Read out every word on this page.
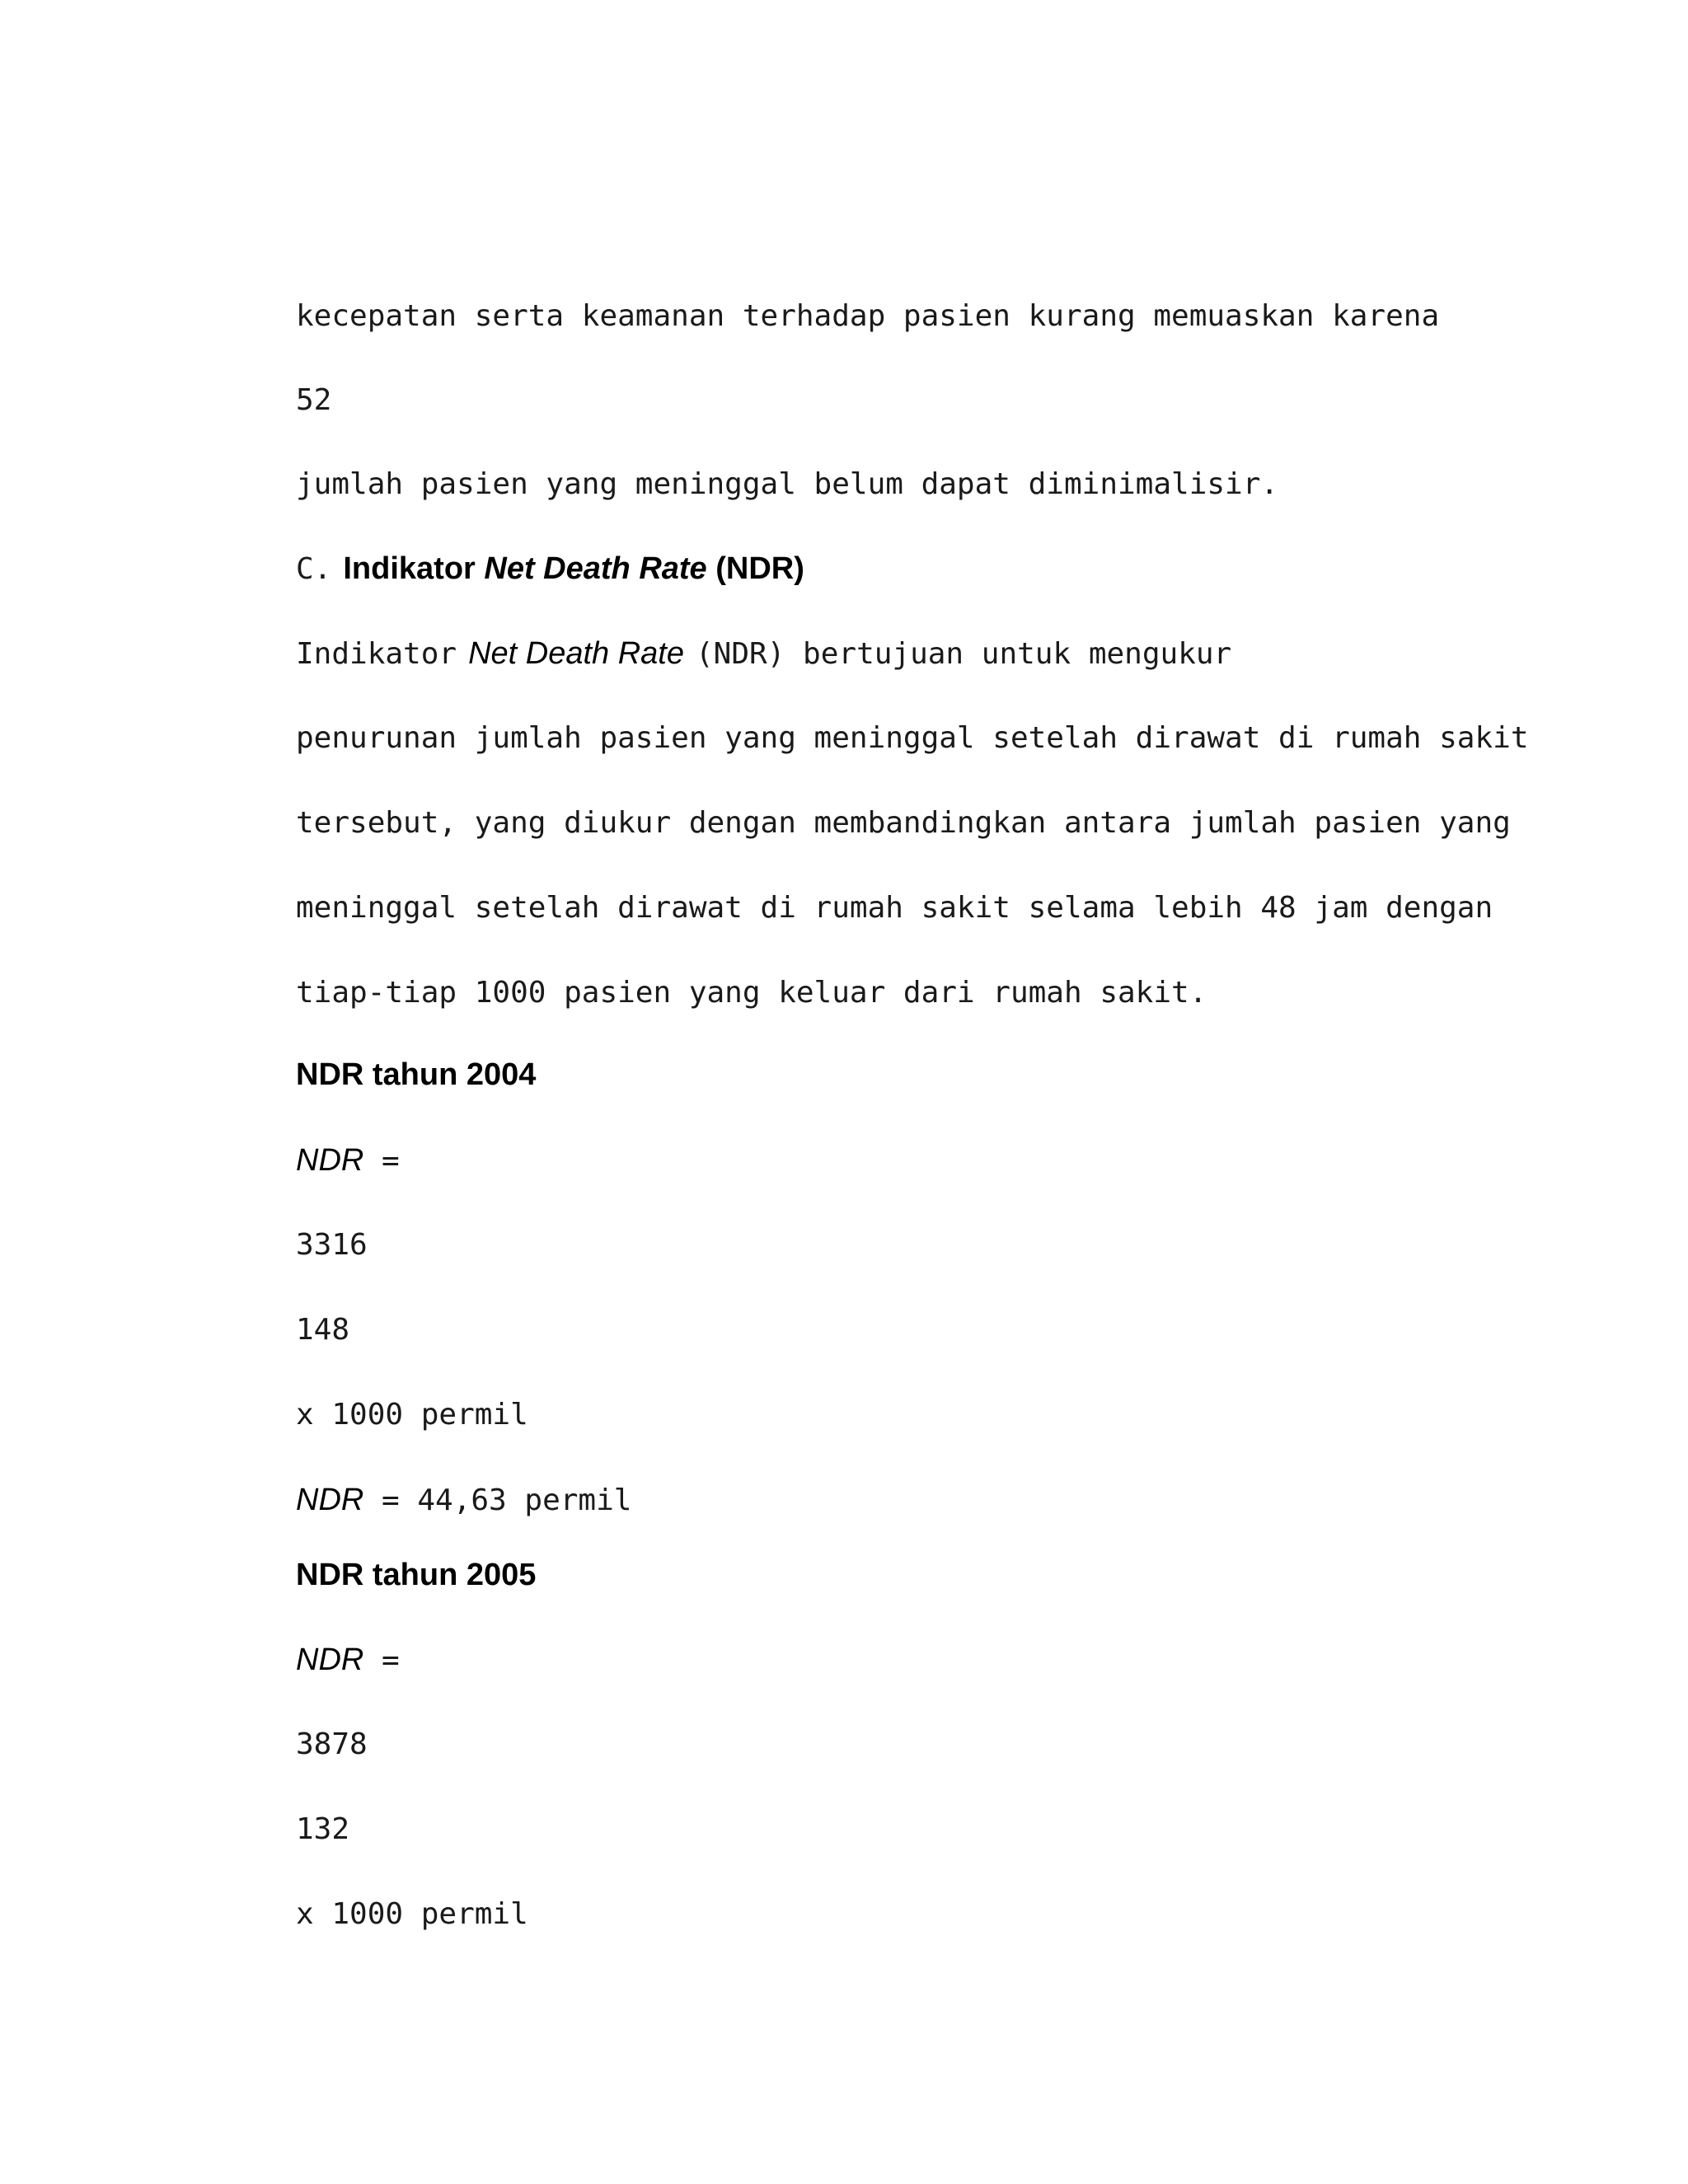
kecepatan serta keamanan terhadap pasien kurang memuaskan karena
52
jumlah pasien yang meninggal belum dapat diminimalisir.
C. Indikator Net Death Rate (NDR)
Indikator Net Death Rate (NDR) bertujuan untuk mengukur
penurunan jumlah pasien yang meninggal setelah dirawat di rumah sakit
tersebut, yang diukur dengan membandingkan antara jumlah pasien yang
meninggal setelah dirawat di rumah sakit selama lebih 48 jam dengan
tiap-tiap 1000 pasien yang keluar dari rumah sakit.
NDR tahun 2004
NDR =
3316
148
x 1000 permil
NDR = 44,63 permil
NDR tahun 2005
NDR =
3878
132
x 1000 permil
